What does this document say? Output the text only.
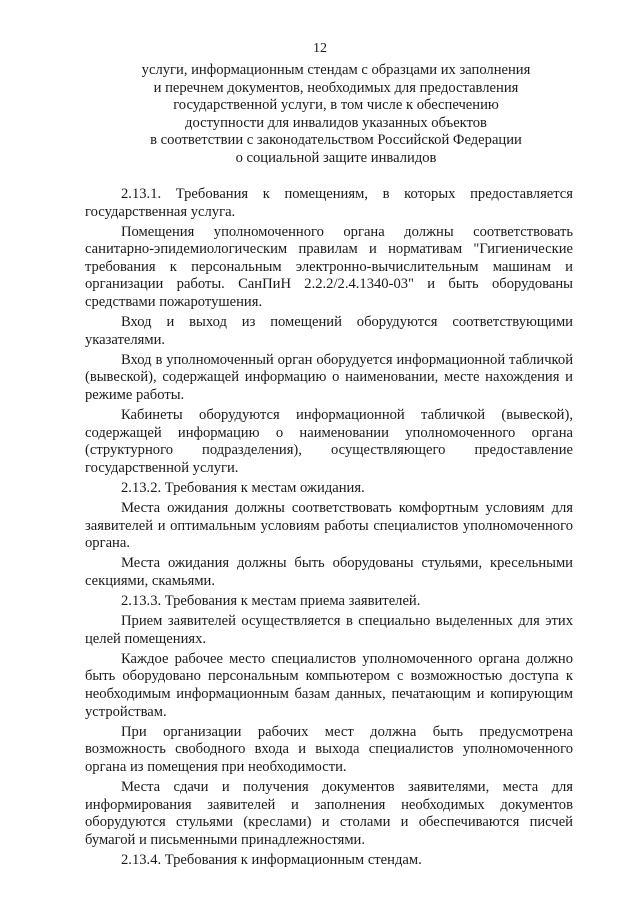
12
услуги, информационным стендам с образцами их заполнения
и перечнем документов, необходимых для предоставления
государственной услуги, в том числе к обеспечению
доступности для инвалидов указанных объектов
в соответствии с законодательством Российской Федерации
о социальной защите инвалидов

2.13.1. Требования к помещениям, в которых предоставляется государственная услуга.

Помещения уполномоченного органа должны соответствовать санитарно-эпидемиологическим правилам и нормативам "Гигиенические требования к персональным электронно-вычислительным машинам и организации работы. СанПиН 2.2.2/2.4.1340-03" и быть оборудованы средствами пожаротушения.

Вход и выход из помещений оборудуются соответствующими указателями.

Вход в уполномоченный орган оборудуется информационной табличкой (вывеской), содержащей информацию о наименовании, месте нахождения и режиме работы.

Кабинеты оборудуются информационной табличкой (вывеской), содержащей информацию о наименовании уполномоченного органа (структурного подразделения), осуществляющего предоставление государственной услуги.

2.13.2. Требования к местам ожидания.

Места ожидания должны соответствовать комфортным условиям для заявителей и оптимальным условиям работы специалистов уполномоченного органа.

Места ожидания должны быть оборудованы стульями, кресельными секциями, скамьями.

2.13.3. Требования к местам приема заявителей.

Прием заявителей осуществляется в специально выделенных для этих целей помещениях.

Каждое рабочее место специалистов уполномоченного органа должно быть оборудовано персональным компьютером с возможностью доступа к необходимым информационным базам данных, печатающим и копирующим устройствам.

При организации рабочих мест должна быть предусмотрена возможность свободного входа и выхода специалистов уполномоченного органа из помещения при необходимости.

Места сдачи и получения документов заявителями, места для информирования заявителей и заполнения необходимых документов оборудуются стульями (креслами) и столами и обеспечиваются писчей бумагой и письменными принадлежностями.

2.13.4. Требования к информационным стендам.
